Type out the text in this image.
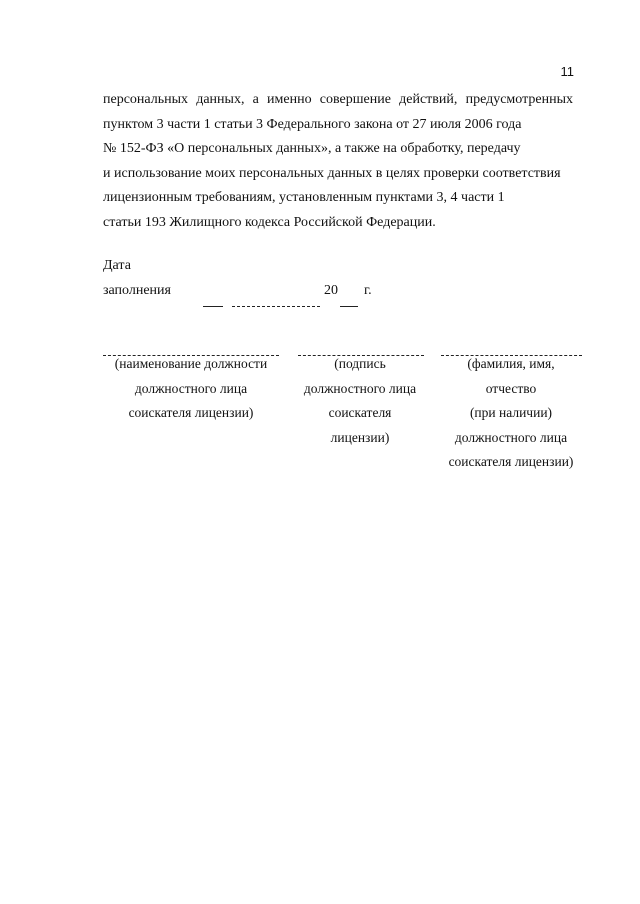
11
персональных данных, а именно совершение действий, предусмотренных
пунктом 3 части 1 статьи 3 Федерального закона от 27 июля 2006 года
№ 152-ФЗ «О персональных данных», а также на обработку, передачу
и использование моих персональных данных в целях проверки соответствия
лицензионным требованиям, установленным пунктами 3, 4 части 1
статьи 193 Жилищного кодекса Российской Федерации.
Дата
заполнения	20 г.
(наименование должности
должностного лица
соискателя лицензии)
(подпись
должностного лица
соискателя
лицензии)
(фамилия, имя,
отчество
(при наличии)
должностного лица
соискателя лицензии)
